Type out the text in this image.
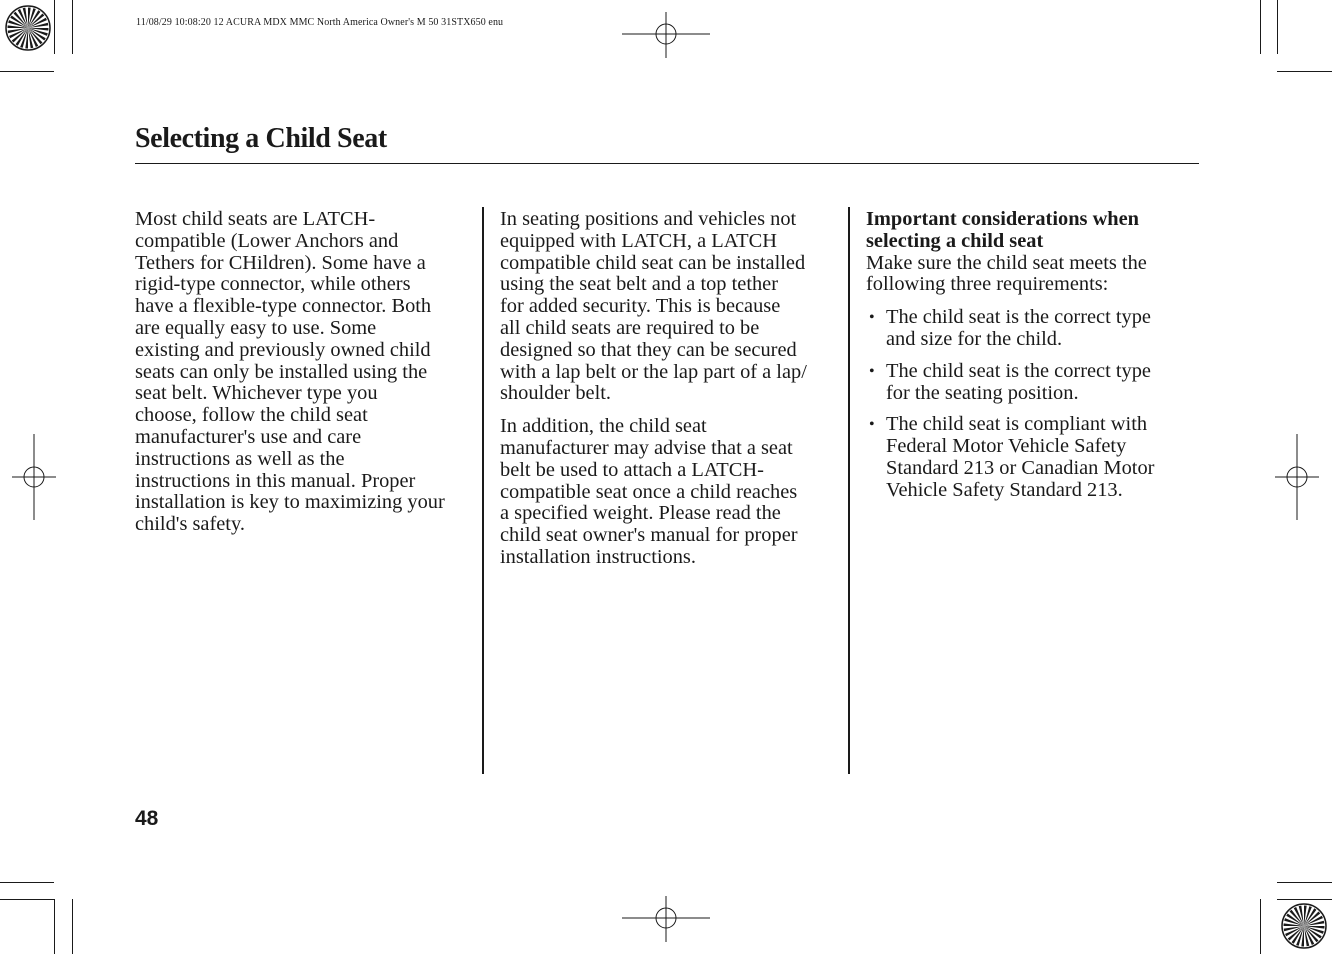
11/08/29 10:08:20 12 ACURA MDX MMC North America Owner's M 50 31STX650 enu
Selecting a Child Seat

Most child seats are LATCH-
compatible (Lower Anchors and
Tethers for CHildren). Some have a
rigid-type connector, while others
have a flexible-type connector. Both
are equally easy to use. Some
existing and previously owned child
seats can only be installed using the
seat belt. Whichever type you
choose, follow the child seat
manufacturer's use and care
instructions as well as the
instructions in this manual. Proper
installation is key to maximizing your
child's safety.

In seating positions and vehicles not
equipped with LATCH, a LATCH
compatible child seat can be installed
using the seat belt and a top tether
for added security. This is because
all child seats are required to be
designed so that they can be secured
with a lap belt or the lap part of a lap/
shoulder belt.

In addition, the child seat
manufacturer may advise that a seat
belt be used to attach a LATCH-
compatible seat once a child reaches
a specified weight. Please read the
child seat owner's manual for proper
installation instructions.

Important considerations when
selecting a child seat

Make sure the child seat meets the
following three requirements:

• The child seat is the correct type
and size for the child.
• The child seat is the correct type
for the seating position.
• The child seat is compliant with
Federal Motor Vehicle Safety
Standard 213 or Canadian Motor
Vehicle Safety Standard 213.
48
